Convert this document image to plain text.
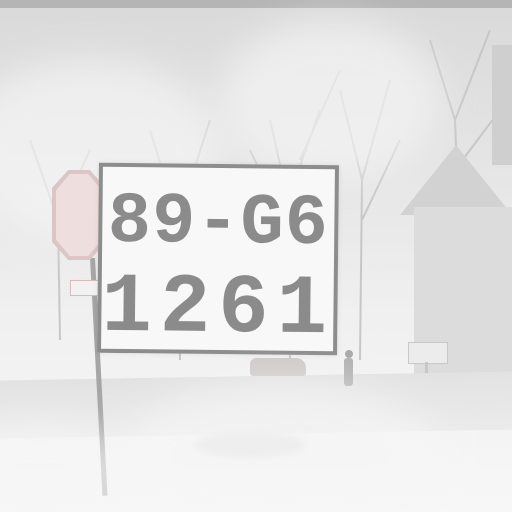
89-G6
1261
